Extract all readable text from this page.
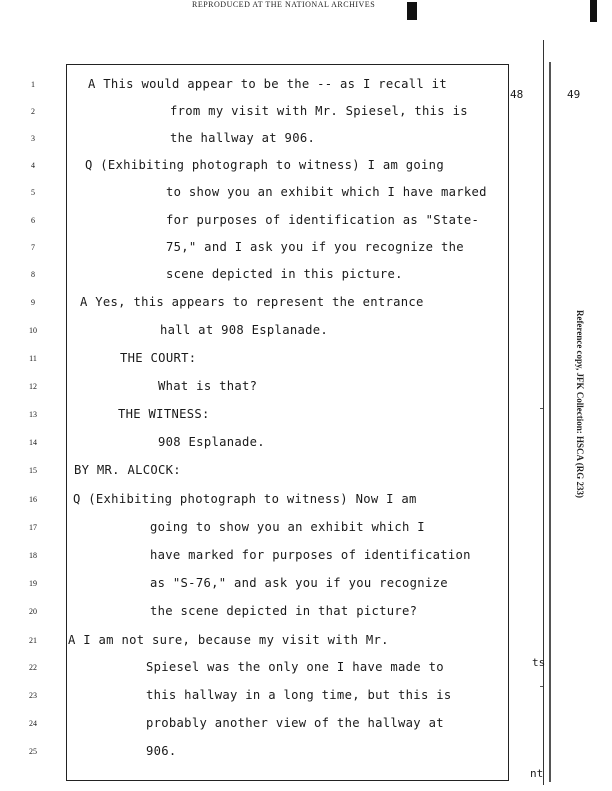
REPRODUCED AT THE NATIONAL ARCHIVES
48	49
ts
nt
Reference copy, JFK Collection: HSCA (RG 233)
1
2
3
4
5
6
7
8
9
10
11
12
13
14
15
16
17
18
19
20
21
22
23
24
25
A This would appear to be the -- as I recall it
from my visit with Mr. Spiesel, this is
the hallway at 906.
Q (Exhibiting photograph to witness) I am going
to show you an exhibit which I have marked
for purposes of identification as "State-
75," and I ask you if you recognize the
scene depicted in this picture.
A Yes, this appears to represent the entrance
hall at 908 Esplanade.
THE COURT:
What is that?
THE WITNESS:
908 Esplanade.
BY MR. ALCOCK:
Q (Exhibiting photograph to witness) Now I am
going to show you an exhibit which I
have marked for purposes of identification
as "S-76," and ask you if you recognize
the scene depicted in that picture?
A I am not sure, because my visit with Mr.
Spiesel was the only one I have made to
this hallway in a long time, but this is
probably another view of the hallway at
906.
